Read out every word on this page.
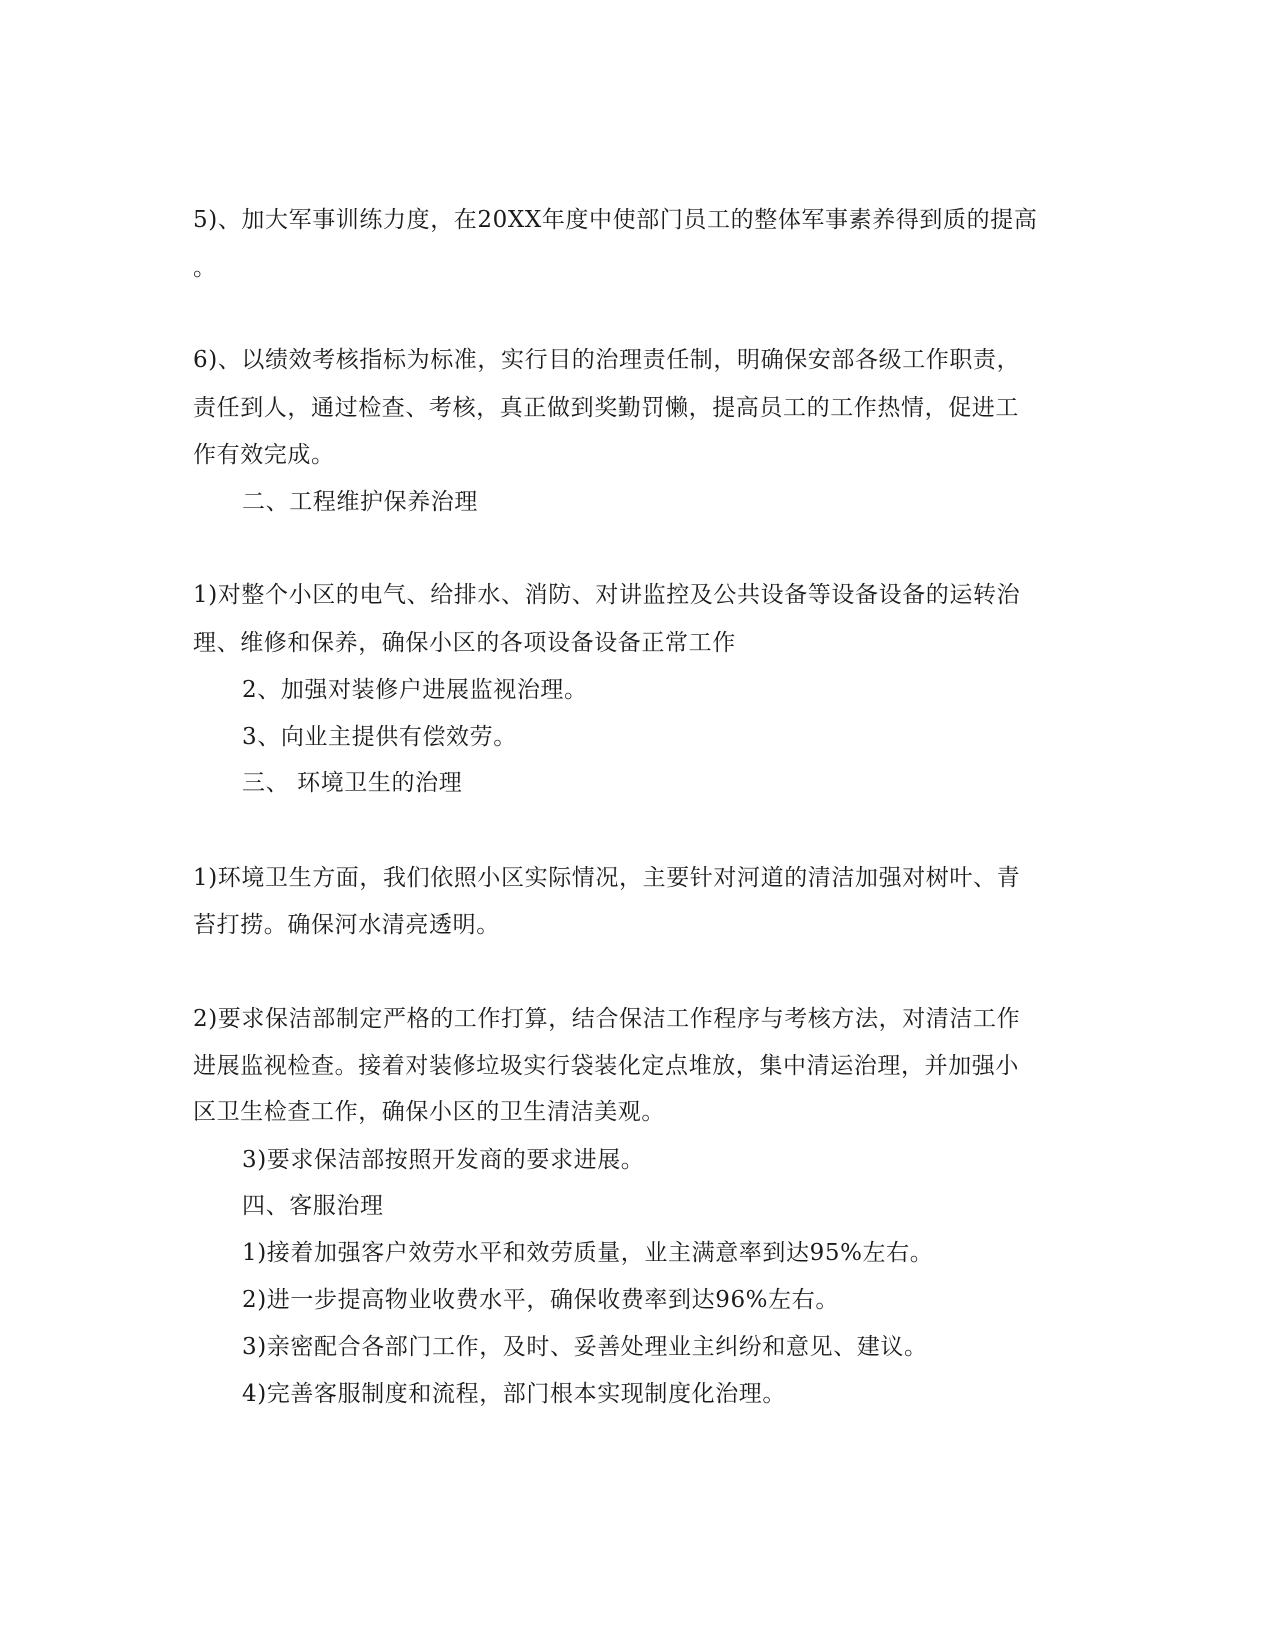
5)、加大军事训练力度，在20XX年度中使部门员工的整体军事素养得到质的提高
。
6)、以绩效考核指标为标准，实行目的治理责任制，明确保安部各级工作职责，
责任到人，通过检查、考核，真正做到奖勤罚懒，提高员工的工作热情，促进工
作有效完成。
二、工程维护保养治理
1)对整个小区的电气、给排水、消防、对讲监控及公共设备等设备设备的运转治
理、维修和保养，确保小区的各项设备设备正常工作
2、加强对装修户进展监视治理。
3、向业主提供有偿效劳。
三、 环境卫生的治理
1)环境卫生方面，我们依照小区实际情况，主要针对河道的清洁加强对树叶、青
苔打捞。确保河水清亮透明。
2)要求保洁部制定严格的工作打算，结合保洁工作程序与考核方法，对清洁工作
进展监视检查。接着对装修垃圾实行袋装化定点堆放，集中清运治理，并加强小
区卫生检查工作，确保小区的卫生清洁美观。
3)要求保洁部按照开发商的要求进展。
四、客服治理
1)接着加强客户效劳水平和效劳质量，业主满意率到达95%左右。
2)进一步提高物业收费水平，确保收费率到达96%左右。
3)亲密配合各部门工作，及时、妥善处理业主纠纷和意见、建议。
4)完善客服制度和流程，部门根本实现制度化治理。
